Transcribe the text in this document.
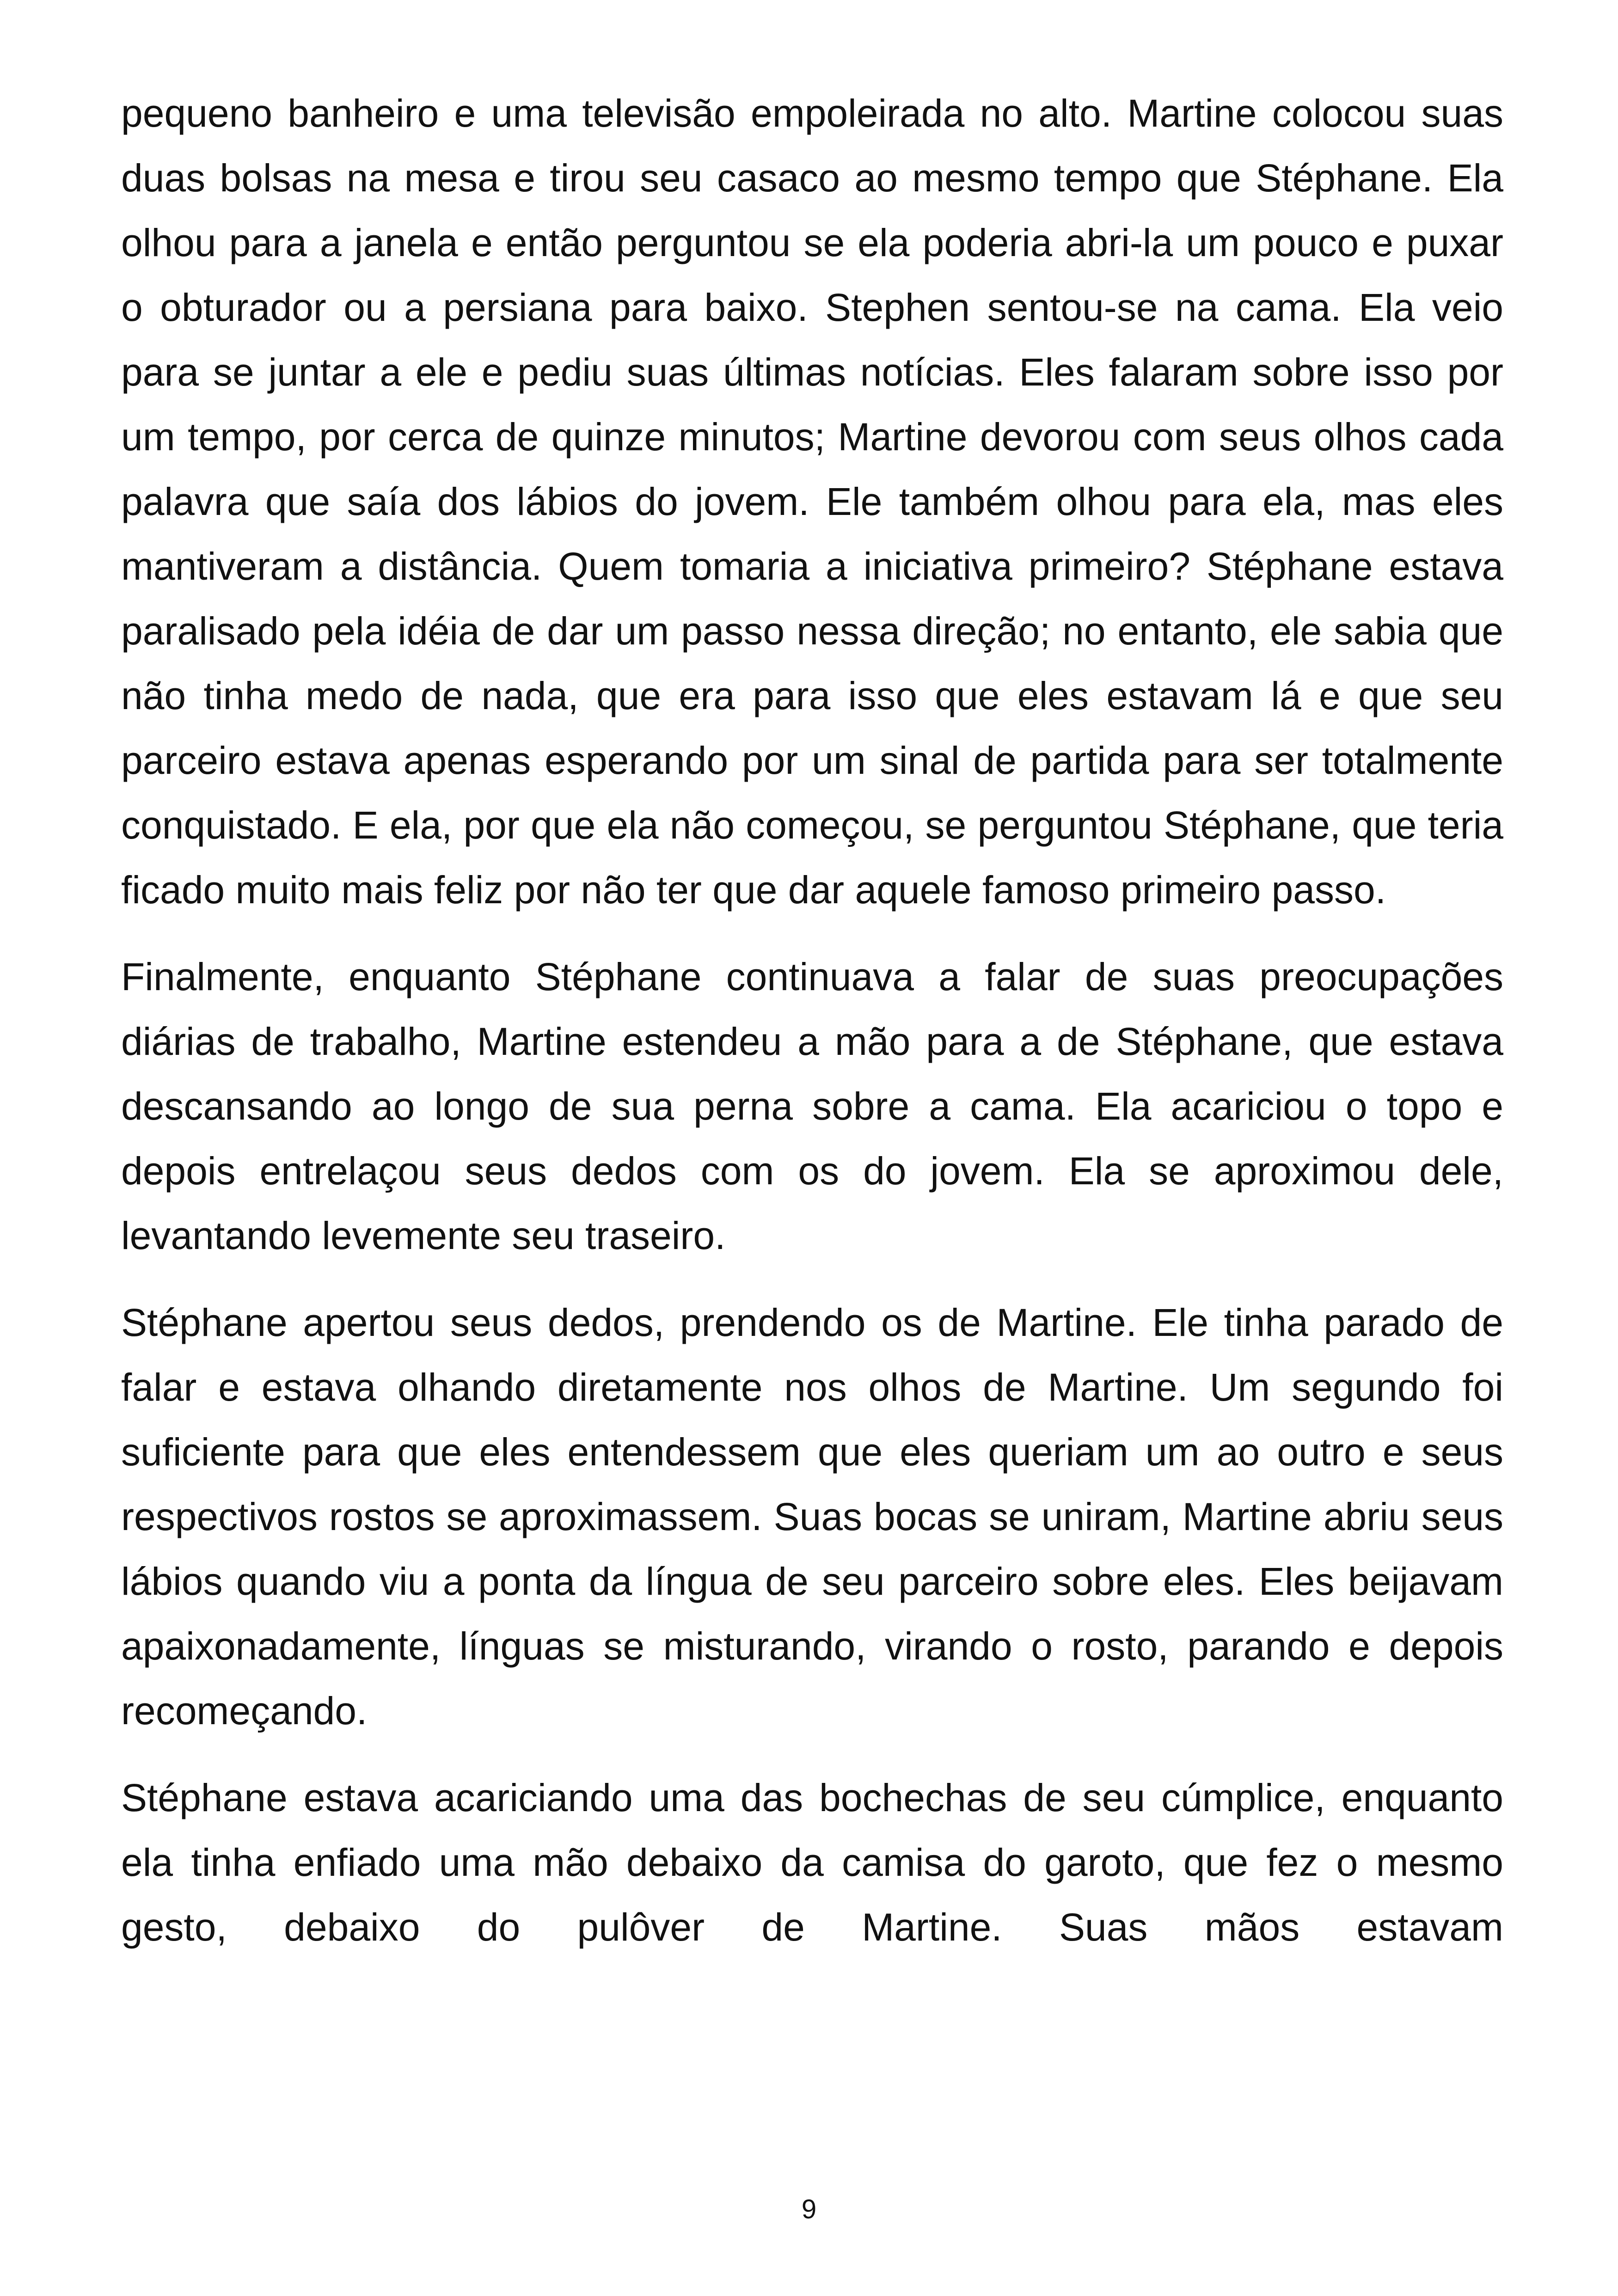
pequeno banheiro e uma televisão empoleirada no alto. Martine colocou suas duas bolsas na mesa e tirou seu casaco ao mesmo tempo que Stéphane. Ela olhou para a janela e então perguntou se ela poderia abri-la um pouco e puxar o obturador ou a persiana para baixo. Stephen sentou-se na cama. Ela veio para se juntar a ele e pediu suas últimas notícias. Eles falaram sobre isso por um tempo, por cerca de quinze minutos; Martine devorou com seus olhos cada palavra que saía dos lábios do jovem. Ele também olhou para ela, mas eles mantiveram a distância. Quem tomaria a iniciativa primeiro? Stéphane estava paralisado pela idéia de dar um passo nessa direção; no entanto, ele sabia que não tinha medo de nada, que era para isso que eles estavam lá e que seu parceiro estava apenas esperando por um sinal de partida para ser totalmente conquistado. E ela, por que ela não começou, se perguntou Stéphane, que teria ficado muito mais feliz por não ter que dar aquele famoso primeiro passo.

Finalmente, enquanto Stéphane continuava a falar de suas preocupações diárias de trabalho, Martine estendeu a mão para a de Stéphane, que estava descansando ao longo de sua perna sobre a cama. Ela acariciou o topo e depois entrelaçou seus dedos com os do jovem. Ela se aproximou dele, levantando levemente seu traseiro.

Stéphane apertou seus dedos, prendendo os de Martine. Ele tinha parado de falar e estava olhando diretamente nos olhos de Martine. Um segundo foi suficiente para que eles entendessem que eles queriam um ao outro e seus respectivos rostos se aproximassem. Suas bocas se uniram, Martine abriu seus lábios quando viu a ponta da língua de seu parceiro sobre eles. Eles beijavam apaixonadamente, línguas se misturando, virando o rosto, parando e depois recomeçando.

Stéphane estava acariciando uma das bochechas de seu cúmplice, enquanto ela tinha enfiado uma mão debaixo da camisa do garoto, que fez o mesmo gesto, debaixo do pulôver de Martine. Suas mãos estavam

9
